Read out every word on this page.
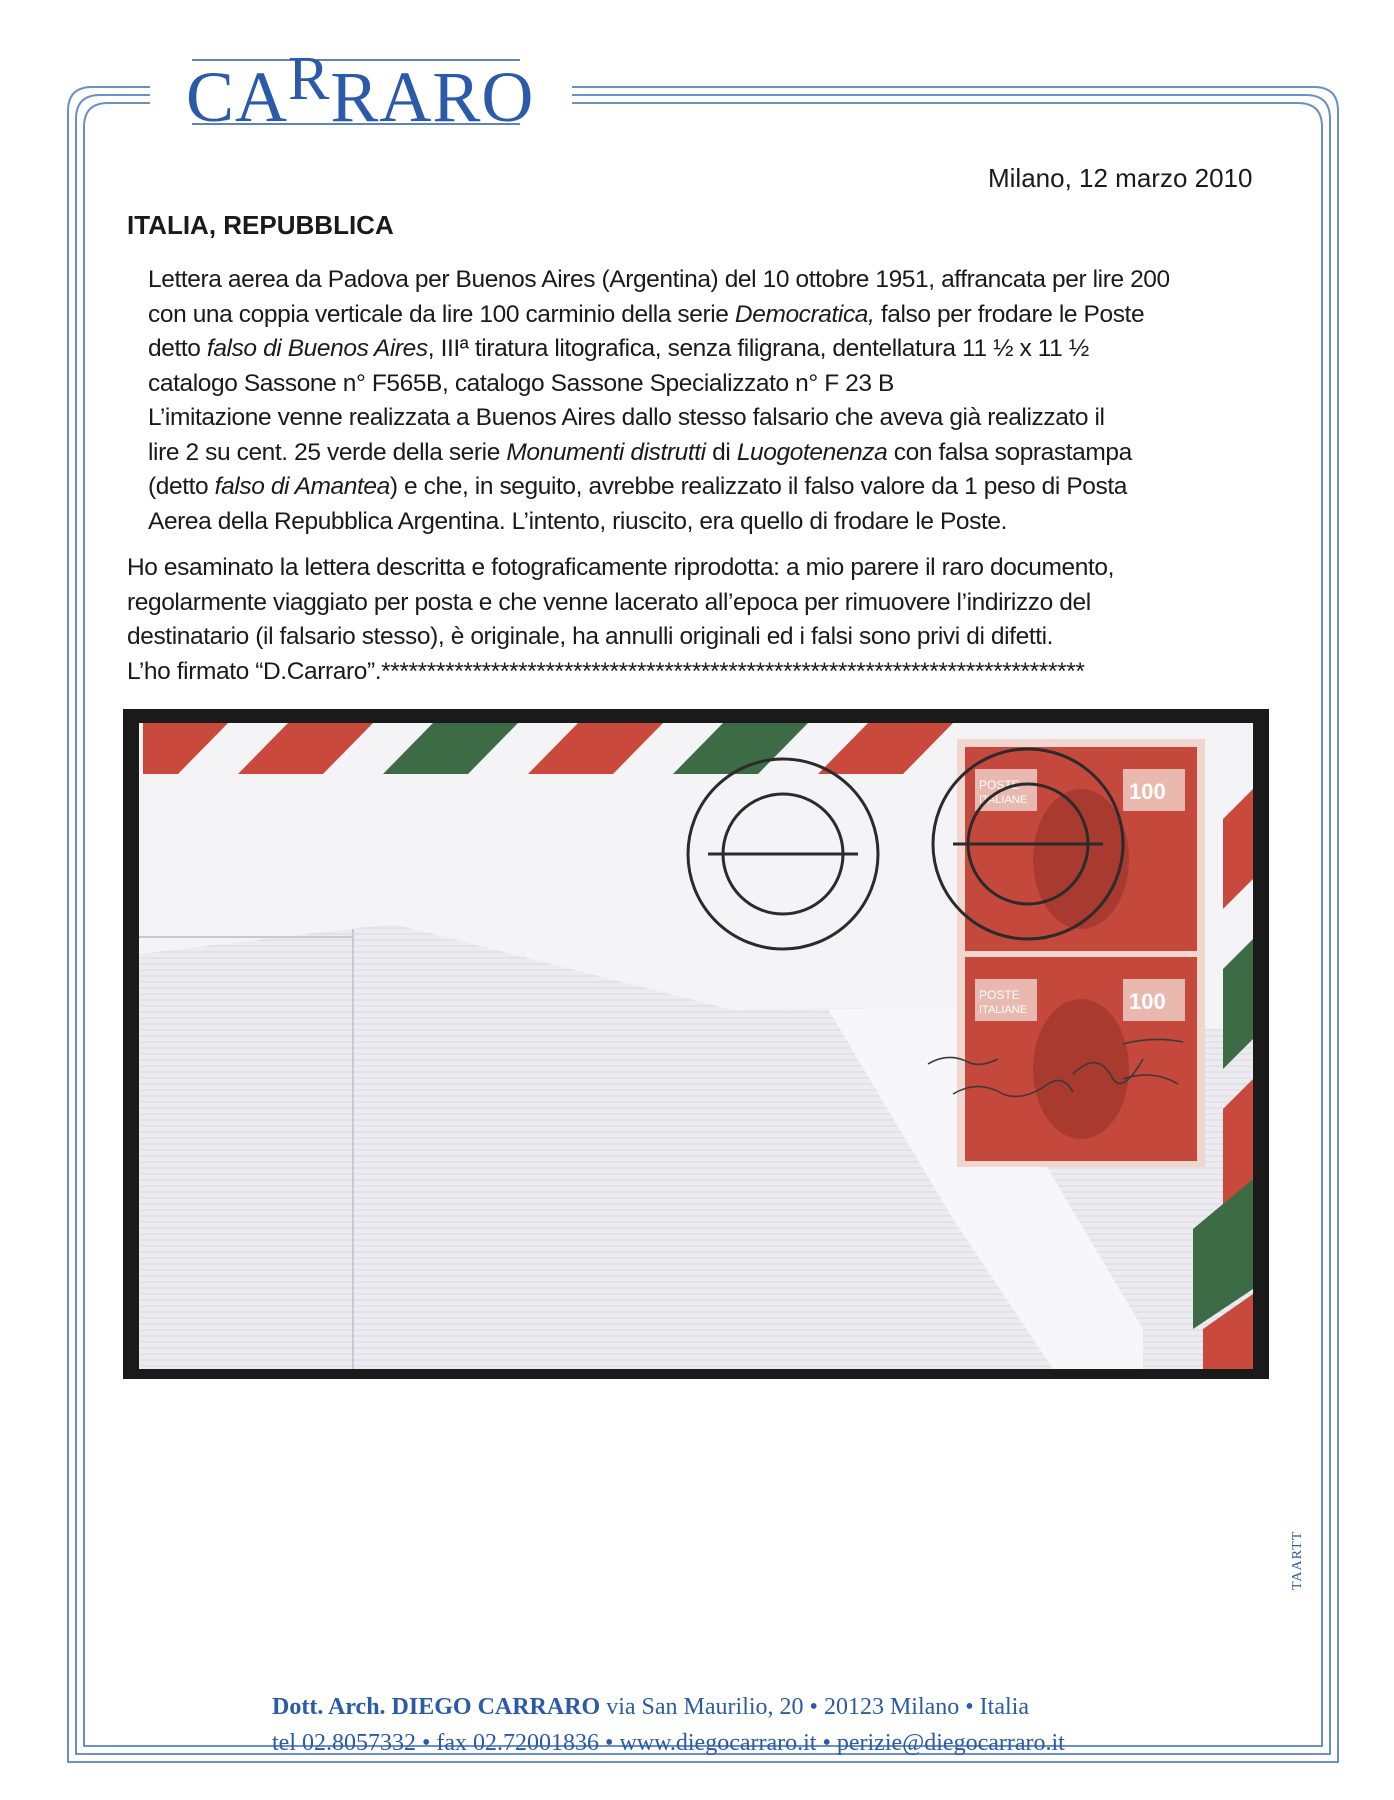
CARRARO
Milano, 12 marzo 2010
ITALIA, REPUBBLICA

Lettera aerea da Padova per Buenos Aires (Argentina) del 10 ottobre 1951, affrancata per lire 200
con una coppia verticale da lire 100 carminio della serie Democratica, falso per frodare le Poste
detto falso di Buenos Aires, IIIª tiratura litografica, senza filigrana, dentellatura 11 ½ x 11 ½
catalogo Sassone n° F565B, catalogo Sassone Specializzato n° F 23 B
L’imitazione venne realizzata a Buenos Aires dallo stesso falsario che aveva già realizzato il
lire 2 su cent. 25 verde della serie Monumenti distrutti di Luogotenenza con falsa soprastampa
(detto falso di Amantea) e che, in seguito, avrebbe realizzato il falso valore da 1 peso di Posta
Aerea della Repubblica Argentina. L’intento, riuscito, era quello di frodare le Poste.

Ho esaminato la lettera descritta e fotograficamente riprodotta: a mio parere il raro documento,
regolarmente viaggiato per posta e che venne lacerato all’epoca per rimuovere l’indirizzo del
destinatario (il falsario stesso), è originale, ha annulli originali ed i falsi sono privi di difetti.
L’ho firmato “D.Carraro”.*****************************************************************************

POSTE
ITALIANE
POSTE
ITALIANE
100
100
TAARTT
Dott. Arch. DIEGO CARRARO via San Maurilio, 20 • 20123 Milano • Italia
tel 02.8057332 • fax 02.72001836 • www.diegocarraro.it • perizie@diegocarraro.it
